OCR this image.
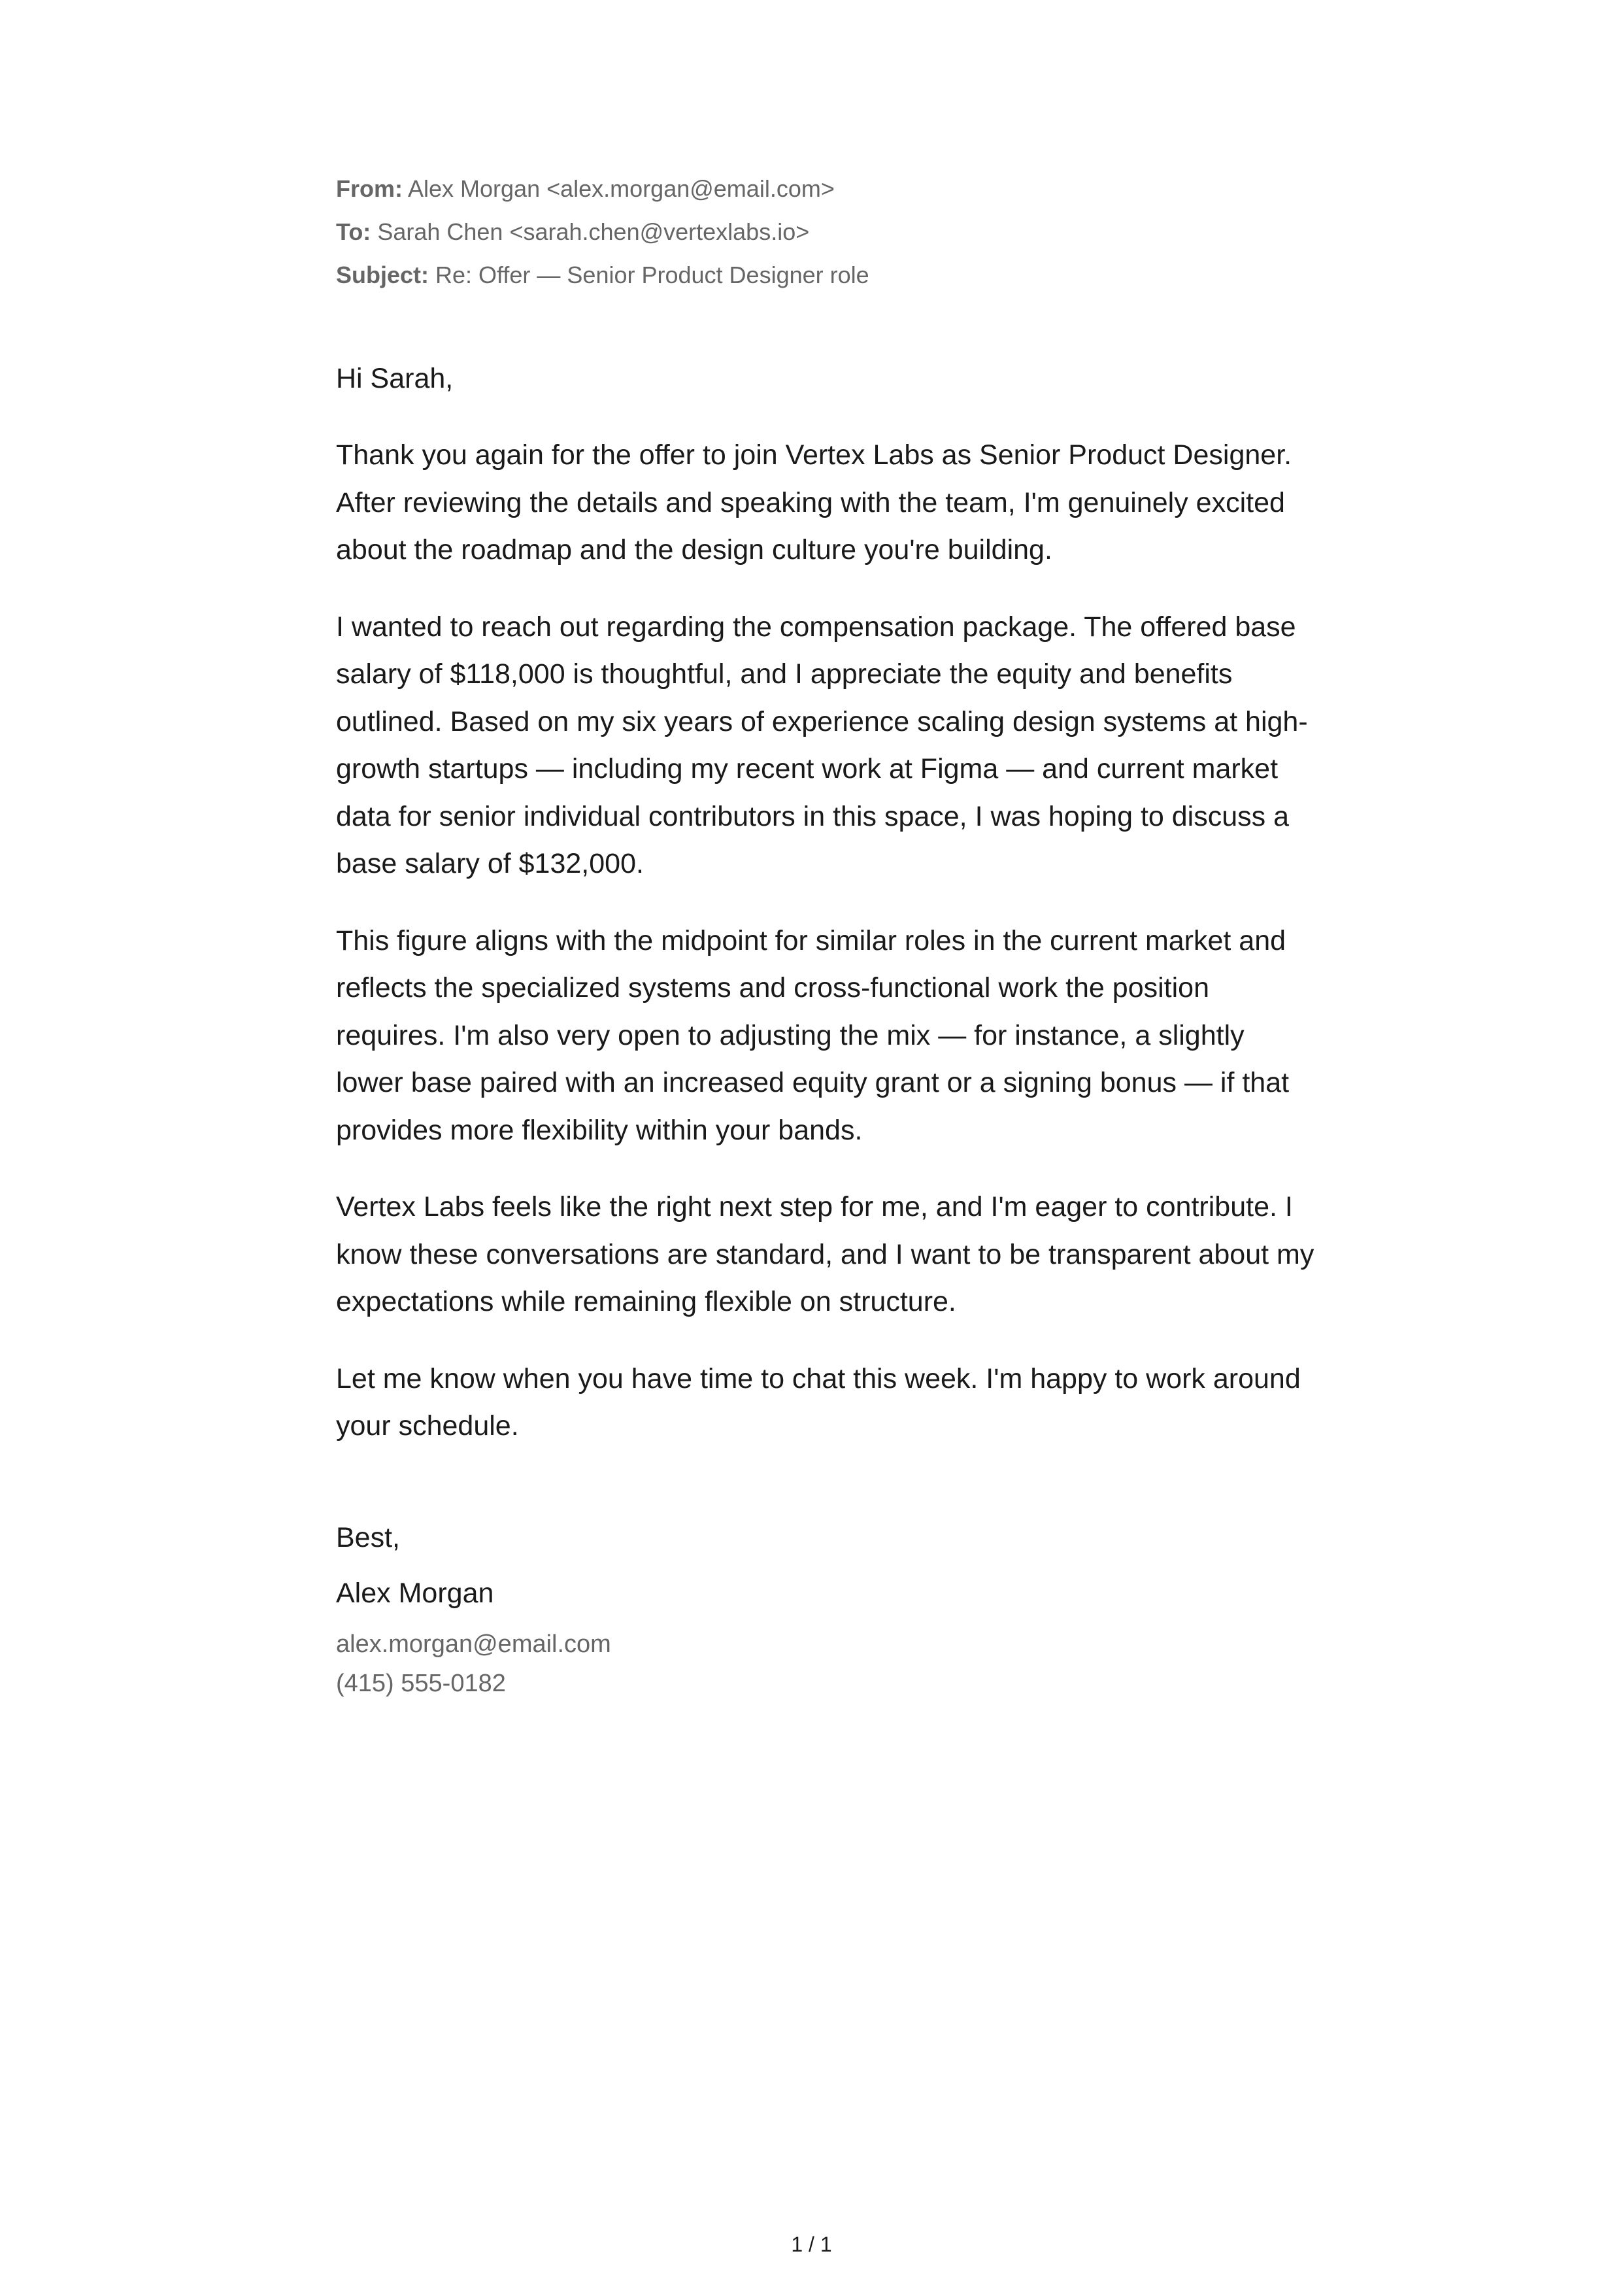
From: Alex Morgan <alex.morgan@email.com>
To: Sarah Chen <sarah.chen@vertexlabs.io>
Subject: Re: Offer — Senior Product Designer role
Hi Sarah,
Thank you again for the offer to join Vertex Labs as Senior Product Designer. After reviewing the details and speaking with the team, I'm genuinely excited about the roadmap and the design culture you're building.
I wanted to reach out regarding the compensation package. The offered base salary of $118,000 is thoughtful, and I appreciate the equity and benefits outlined. Based on my six years of experience scaling design systems at high-growth startups — including my recent work at Figma — and current market data for senior individual contributors in this space, I was hoping to discuss a base salary of $132,000.
This figure aligns with the midpoint for similar roles in the current market and reflects the specialized systems and cross-functional work the position requires. I'm also very open to adjusting the mix — for instance, a slightly lower base paired with an increased equity grant or a signing bonus — if that provides more flexibility within your bands.
Vertex Labs feels like the right next step for me, and I'm eager to contribute. I know these conversations are standard, and I want to be transparent about my expectations while remaining flexible on structure.
Let me know when you have time to chat this week. I'm happy to work around your schedule.
Best,
Alex Morgan
alex.morgan@email.com
(415) 555-0182
1 / 1
